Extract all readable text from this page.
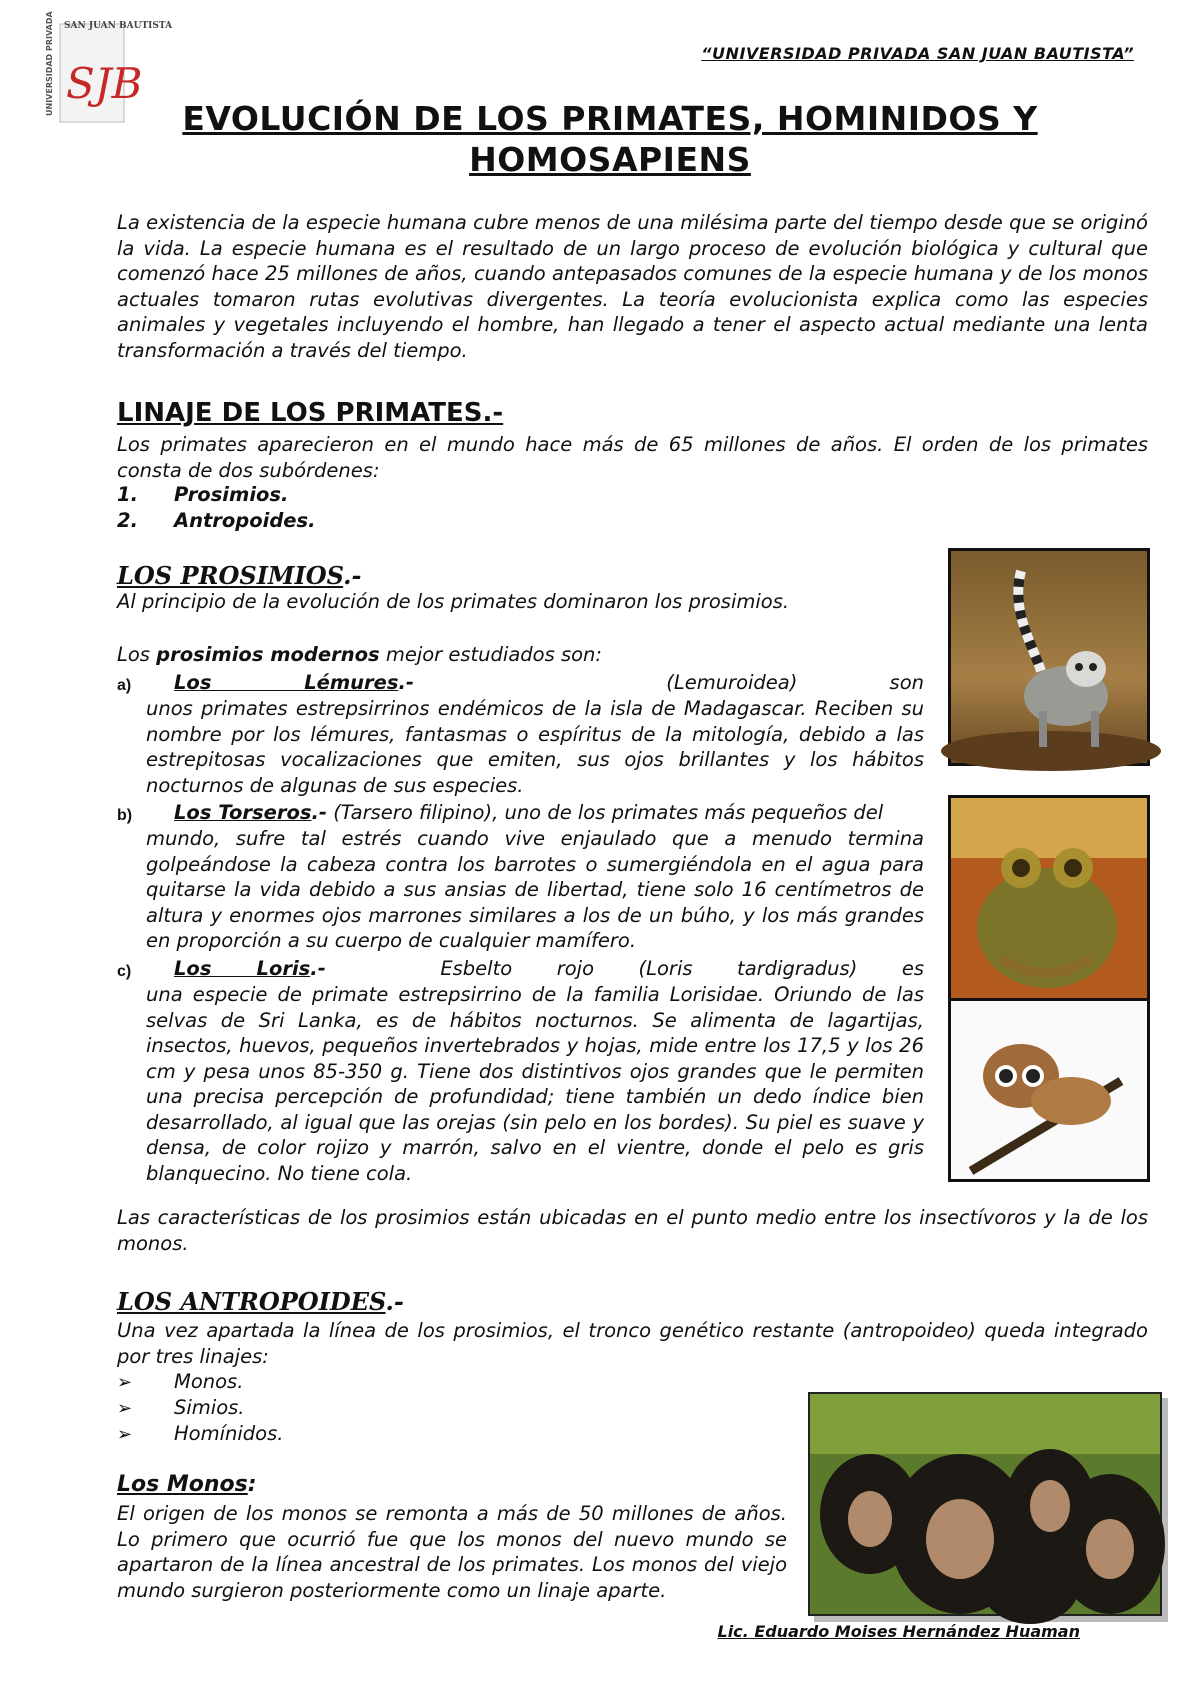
SAN JUAN BAUTISTA
UNIVERSIDAD PRIVADA SJB
“UNIVERSIDAD PRIVADA SAN JUAN BAUTISTA”
EVOLUCIÓN DE LOS PRIMATES, HOMINIDOS Y
HOMOSAPIENS
La existencia de la especie humana cubre menos de una milésima parte del tiempo desde que se originó la vida. La especie humana es el resultado de un largo proceso de evolución biológica y cultural que comenzó hace 25 millones de años, cuando antepasados comunes de la especie humana y de los monos actuales tomaron rutas evolutivas divergentes. La teoría evolucionista explica como las especies animales y vegetales incluyendo el hombre, han llegado a tener el aspecto actual mediante una lenta transformación a través del tiempo.
LINAJE DE LOS PRIMATES.-
Los primates aparecieron en el mundo hace más de 65 millones de años. El orden de los primates consta de dos subórdenes:
1. Prosimios.
2. Antropoides.
LOS PROSIMIOS.-
Al principio de la evolución de los primates dominaron los prosimios.
Los prosimios modernos mejor estudiados son:
a) Los Lémures.-	(Lemuroidea) son
unos primates estrepsirrinos endémicos de la isla de Madagascar. Reciben su nombre por los lémures, fantasmas o espíritus de la mitología, debido a las estrepitosas vocalizaciones que emiten, sus ojos brillantes y los hábitos nocturnos de algunas de sus especies.
b) Los Torseros.- (Tarsero filipino), uno de los primates más pequeños del
mundo, sufre tal estrés cuando vive enjaulado que a menudo termina golpeándose la cabeza contra los barrotes o sumergiéndola en el agua para quitarse la vida debido a sus ansias de libertad, tiene solo 16 centímetros de altura y enormes ojos marrones similares a los de un búho, y los más grandes en proporción a su cuerpo de cualquier mamífero.
c) Los Loris.-	Esbelto rojo (Loris tardigradus) es
una especie de primate estrepsirrino de la familia Lorisidae. Oriundo de las selvas de Sri Lanka, es de hábitos nocturnos. Se alimenta de lagartijas, insectos, huevos, pequeños invertebrados y hojas, mide entre los 17,5 y los 26 cm y pesa unos 85-350 g. Tiene dos distintivos ojos grandes que le permiten una precisa percepción de profundidad; tiene también un dedo índice bien desarrollado, al igual que las orejas (sin pelo en los bordes). Su piel es suave y densa, de color rojizo y marrón, salvo en el vientre, donde el pelo es gris blanquecino. No tiene cola.
Las características de los prosimios están ubicadas en el punto medio entre los insectívoros y la de los monos.
LOS ANTROPOIDES.-
Una vez apartada la línea de los prosimios, el tronco genético restante (antropoideo) queda integrado por tres linajes:
➢ Monos.
➢ Simios.
➢ Homínidos.
Los Monos:
El origen de los monos se remonta a más de 50 millones de años. Lo primero que ocurrió fue que los monos del nuevo mundo se apartaron de la línea ancestral de los primates. Los monos del viejo mundo surgieron posteriormente como un linaje aparte.
Lic. Eduardo Moises Hernández Huaman
